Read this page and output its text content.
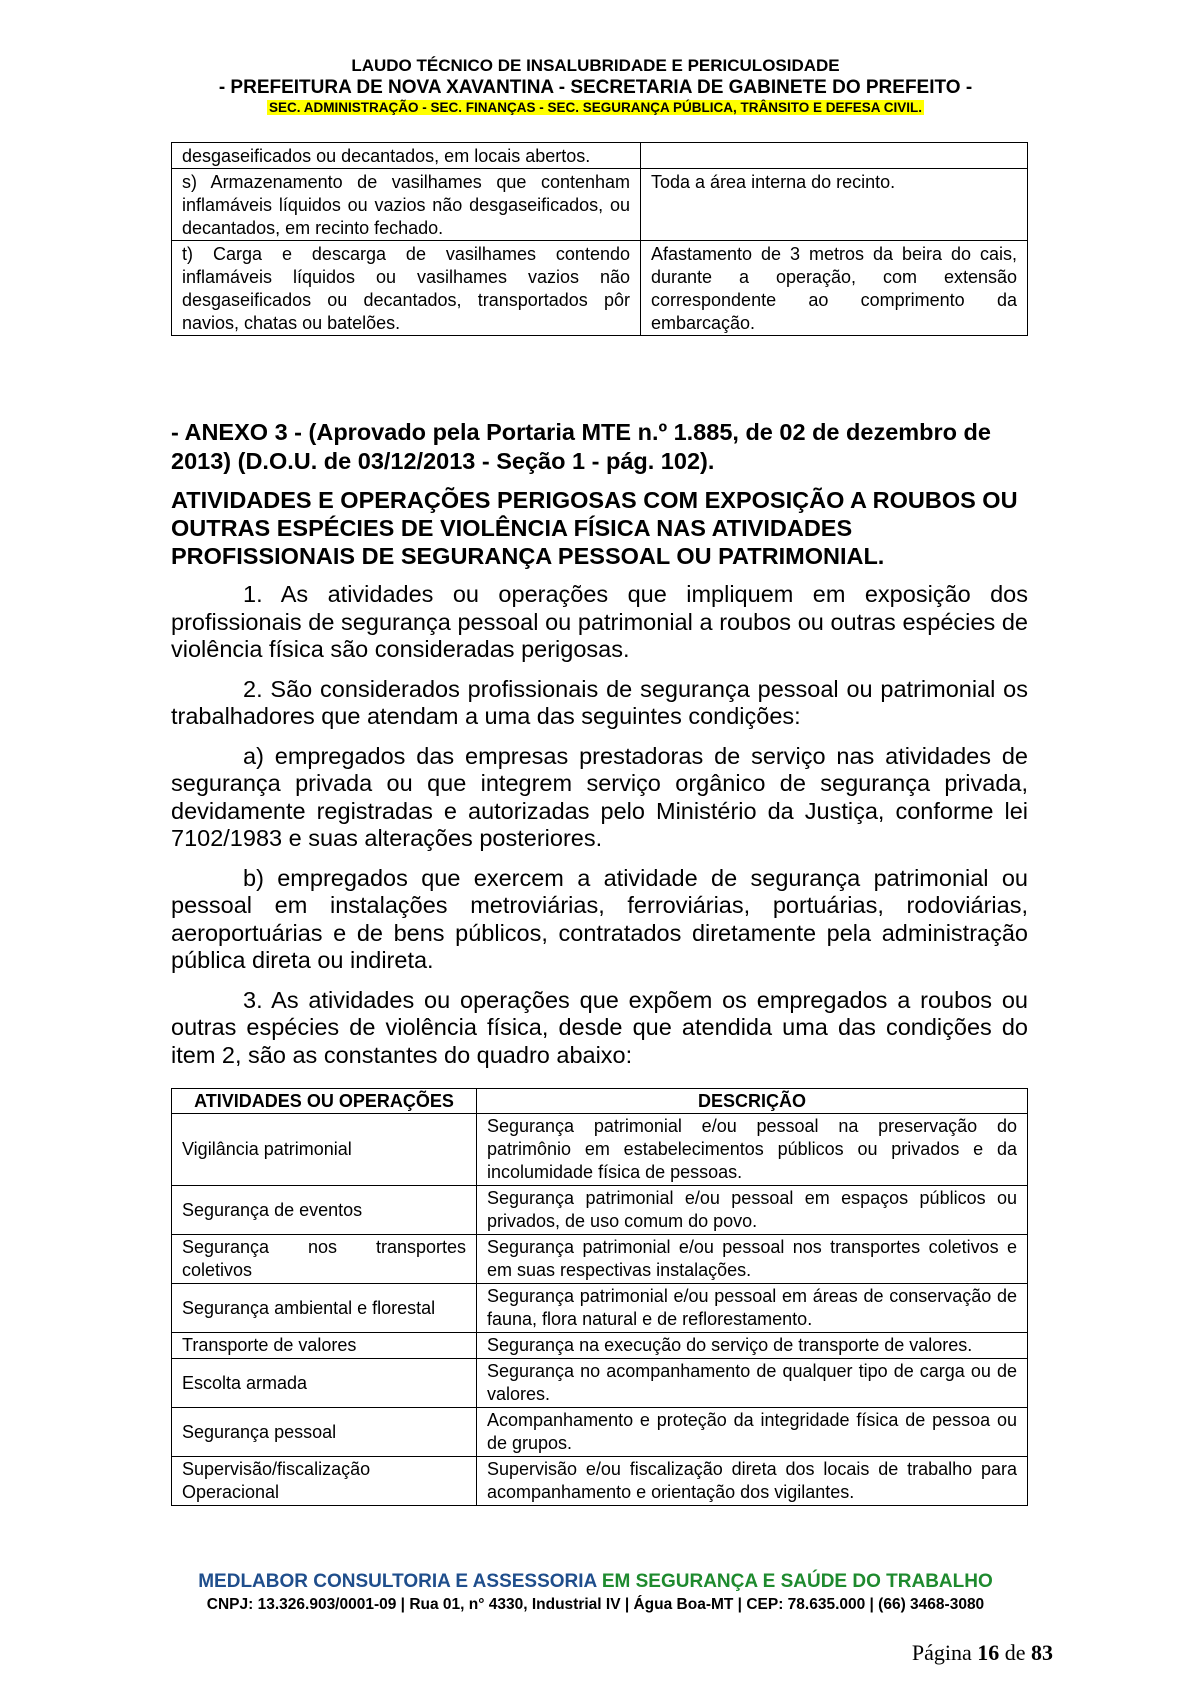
LAUDO TÉCNICO DE INSALUBRIDADE E PERICULOSIDADE
- PREFEITURA DE NOVA XAVANTINA - SECRETARIA DE GABINETE DO PREFEITO -
SEC. ADMINISTRAÇÃO - SEC. FINANÇAS - SEC. SEGURANÇA PÚBLICA, TRÂNSITO E DEFESA CIVIL.
desgaseificados ou decantados, em locais abertos.	
s) Armazenamento de vasilhames que contenham inflamáveis líquidos ou vazios não desgaseificados, ou decantados, em recinto fechado.	Toda a área interna do recinto.
t) Carga e descarga de vasilhames contendo inflamáveis líquidos ou vasilhames vazios não desgaseificados ou decantados, transportados pôr navios, chatas ou batelões.	Afastamento de 3 metros da beira do cais, durante a operação, com extensão correspondente ao comprimento da embarcação.
- ANEXO 3 - (Aprovado pela Portaria MTE n.º 1.885, de 02 de dezembro de 2013) (D.O.U. de 03/12/2013 - Seção 1 - pág. 102).
ATIVIDADES E OPERAÇÕES PERIGOSAS COM EXPOSIÇÃO A ROUBOS OU OUTRAS ESPÉCIES DE VIOLÊNCIA FÍSICA NAS ATIVIDADES PROFISSIONAIS DE SEGURANÇA PESSOAL OU PATRIMONIAL.

1. As atividades ou operações que impliquem em exposição dos profissionais de segurança pessoal ou patrimonial a roubos ou outras espécies de violência física são consideradas perigosas.

2. São considerados profissionais de segurança pessoal ou patrimonial os trabalhadores que atendam a uma das seguintes condições:

a) empregados das empresas prestadoras de serviço nas atividades de segurança privada ou que integrem serviço orgânico de segurança privada, devidamente registradas e autorizadas pelo Ministério da Justiça, conforme lei 7102/1983 e suas alterações posteriores.

b) empregados que exercem a atividade de segurança patrimonial ou pessoal em instalações metroviárias, ferroviárias, portuárias, rodoviárias, aeroportuárias e de bens públicos, contratados diretamente pela administração pública direta ou indireta.

3. As atividades ou operações que expõem os empregados a roubos ou outras espécies de violência física, desde que atendida uma das condições do item 2, são as constantes do quadro abaixo:

ATIVIDADES OU OPERAÇÕES	DESCRIÇÃO
Vigilância patrimonial	Segurança patrimonial e/ou pessoal na preservação do patrimônio em estabelecimentos públicos ou privados e da incolumidade física de pessoas.
Segurança de eventos	Segurança patrimonial e/ou pessoal em espaços públicos ou privados, de uso comum do povo.
Segurança nos transportes coletivos	Segurança patrimonial e/ou pessoal nos transportes coletivos e em suas respectivas instalações.
Segurança ambiental e florestal	Segurança patrimonial e/ou pessoal em áreas de conservação de fauna, flora natural e de reflorestamento.
Transporte de valores	Segurança na execução do serviço de transporte de valores.
Escolta armada	Segurança no acompanhamento de qualquer tipo de carga ou de valores.
Segurança pessoal	Acompanhamento e proteção da integridade física de pessoa ou de grupos.
Supervisão/fiscalização Operacional	Supervisão e/ou fiscalização direta dos locais de trabalho para acompanhamento e orientação dos vigilantes.
MEDLABOR CONSULTORIA E ASSESSORIA EM SEGURANÇA E SAÚDE DO TRABALHO
CNPJ: 13.326.903/0001-09 | Rua 01, n° 4330, Industrial IV | Água Boa-MT | CEP: 78.635.000 | (66) 3468-3080
Página 16 de 83
